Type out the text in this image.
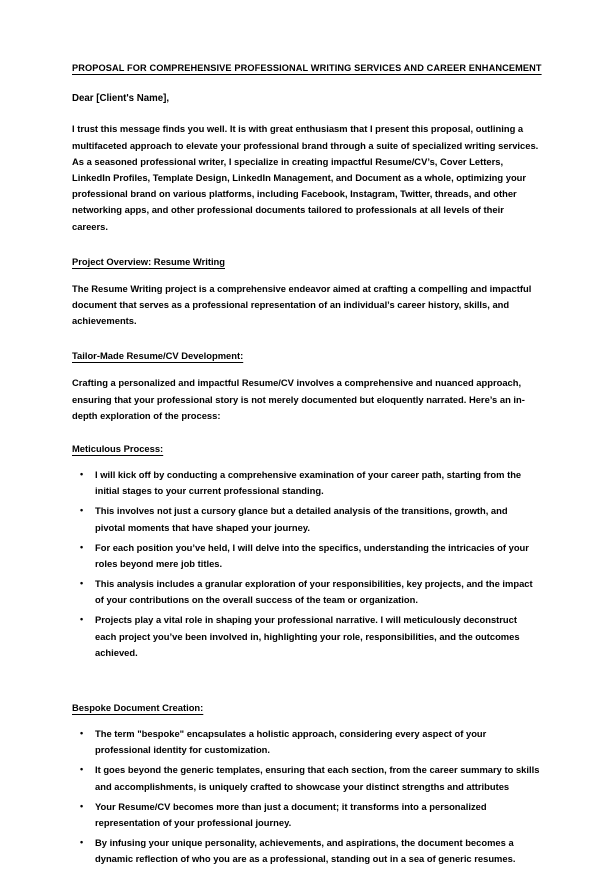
PROPOSAL FOR COMPREHENSIVE PROFESSIONAL WRITING SERVICES AND CAREER ENHANCEMENT

Dear [Client's Name],

I trust this message finds you well. It is with great enthusiasm that I present this proposal, outlining a multifaceted approach to elevate your professional brand through a suite of specialized writing services. As a seasoned professional writer, I specialize in creating impactful Resume/CV’s, Cover Letters, LinkedIn Profiles, Template Design, LinkedIn Management, and Document as a whole, optimizing your professional brand on various platforms, including Facebook, Instagram, Twitter, threads, and other networking apps, and other professional documents tailored to professionals at all levels of their careers.

Project Overview: Resume Writing

The Resume Writing project is a comprehensive endeavor aimed at crafting a compelling and impactful document that serves as a professional representation of an individual’s career history, skills, and achievements.

Tailor-Made Resume/CV Development:

Crafting a personalized and impactful Resume/CV involves a comprehensive and nuanced approach, ensuring that your professional story is not merely documented but eloquently narrated. Here’s an in-depth exploration of the process:

Meticulous Process:
• I will kick off by conducting a comprehensive examination of your career path, starting from the initial stages to your current professional standing.
• This involves not just a cursory glance but a detailed analysis of the transitions, growth, and pivotal moments that have shaped your journey.
• For each position you’ve held, I will delve into the specifics, understanding the intricacies of your roles beyond mere job titles.
• This analysis includes a granular exploration of your responsibilities, key projects, and the impact of your contributions on the overall success of the team or organization.
• Projects play a vital role in shaping your professional narrative. I will meticulously deconstruct each project you’ve been involved in, highlighting your role, responsibilities, and the outcomes achieved.
Bespoke Document Creation:
• The term "bespoke" encapsulates a holistic approach, considering every aspect of your professional identity for customization.
• It goes beyond the generic templates, ensuring that each section, from the career summary to skills and accomplishments, is uniquely crafted to showcase your distinct strengths and attributes
• Your Resume/CV becomes more than just a document; it transforms into a personalized representation of your professional journey.
• By infusing your unique personality, achievements, and aspirations, the document becomes a dynamic reflection of who you are as a professional, standing out in a sea of generic resumes.
